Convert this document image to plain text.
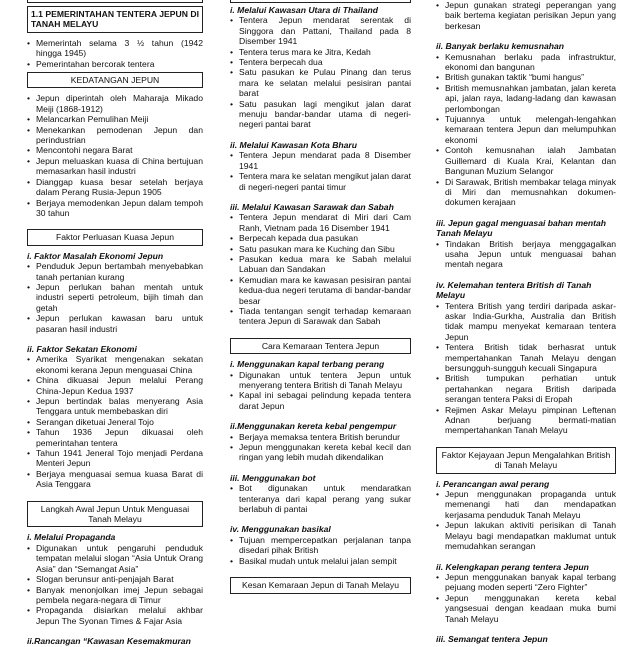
1.1 PEMERINTAHAN TENTERA JEPUN DI TANAH MELAYU
• Memerintah selama 3 ½ tahun (1942 hingga 1945)
• Pemerintahan bercorak tentera
KEDATANGAN JEPUN
• Jepun diperintah oleh Maharaja Mikado Meiji (1868-1912)
• Melancarkan Pemulihan Meiji
• Menekankan pemodenan Jepun dan perindustrian
• Mencontohi negara Barat
• Jepun meluaskan kuasa di China bertujuan memasarkan hasil industri
• Dianggap kuasa besar setelah berjaya dalam Perang Rusia-Jepun 1905
• Berjaya memodenkan Jepun dalam tempoh 30 tahun
Faktor Perluasan Kuasa Jepun
i. Faktor Masalah Ekonomi Jepun
• Penduduk Jepun bertambah menyebabkan tanah pertanian kurang
• Jepun perlukan bahan mentah untuk industri seperti petroleum, bijih timah dan getah
• Jepun perlukan kawasan baru untuk pasaran hasil industri
ii. Faktor Sekatan Ekonomi
• Amerika Syarikat mengenakan sekatan ekonomi kerana Jepun menguasai China
• China dikuasai Jepun melalui Perang China-Jepun Kedua 1937
• Jepun bertindak balas menyerang Asia Tenggara untuk membebaskan diri
• Serangan diketuai Jeneral Tojo
• Tahun 1936 Jepun dikuasai oleh pemerintahan tentera
• Tahun 1941 Jeneral Tojo menjadi Perdana Menteri Jepun
• Berjaya menguasai semua kuasa Barat di Asia Tenggara
Langkah Awal Jepun Untuk Menguasai Tanah Melayu
i. Melalui Propaganda
• Digunakan untuk pengaruhi penduduk tempatan melalui slogan “Asia Untuk Orang Asia” dan “Semangat Asia”
• Slogan berunsur anti-penjajah Barat
• Banyak menonjolkan imej Jepun sebagai pembela negara-negara di Timur
• Propaganda disiarkan melalui akhbar Jepun The Syonan Times & Fajar Asia
ii.Rancangan “Kawasan Kesemakmuran
i. Melalui Kawasan Utara di Thailand
• Tentera Jepun mendarat serentak di Singgora dan Pattani, Thailand pada 8 Disember 1941
• Tentera terus mara ke Jitra, Kedah
• Tentera berpecah dua
• Satu pasukan ke Pulau Pinang dan terus mara ke selatan melalui pesisiran pantai barat
• Satu pasukan lagi mengikut jalan darat menuju bandar-bandar utama di negeri-negeri pantai barat
ii. Melalui Kawasan Kota Bharu
• Tentera Jepun mendarat pada 8 Disember 1941
• Tentera mara ke selatan mengikut jalan darat di negeri-negeri pantai timur
iii. Melalui Kawasan Sarawak dan Sabah
• Tentera Jepun mendarat di Miri dari Cam Ranh, Vietnam pada 16 Disember 1941
• Berpecah kepada dua pasukan
• Satu pasukan mara ke Kuching dan Sibu
• Pasukan kedua mara ke Sabah melalui Labuan dan Sandakan
• Kemudian mara ke kawasan pesisiran pantai kedua-dua negeri terutama di bandar-bandar besar
• Tiada tentangan sengit terhadap kemaraan tentera Jepun di Sarawak dan Sabah
Cara Kemaraan Tentera Jepun
i. Menggunakan kapal terbang perang
• Digunakan untuk tentera Jepun untuk menyerang tentera British di Tanah Melayu
• Kapal ini sebagai pelindung kepada tentera darat Jepun
ii.Menggunakan kereta kebal pengempur
• Berjaya memaksa tentera British berundur
• Jepun menggunakan kereta kebal kecil dan ringan yang lebih mudah dikendalikan
iii. Menggunakan bot
• Bot digunakan untuk mendaratkan tenteranya dari kapal perang yang sukar berlabuh di pantai
iv. Menggunakan basikal
• Tujuan mempercepatkan perjalanan tanpa disedari pihak British
• Basikal mudah untuk melalui jalan sempit
Kesan Kemaraan Jepun di Tanah Melayu
• Jepun gunakan strategi peperangan yang baik bertema kegiatan perisikan Jepun yang berkesan
ii. Banyak berlaku kemusnahan
• Kemusnahan berlaku pada infrastruktur, ekonomi dan bangunan
• British gunakan taktik “bumi hangus”
• British memusnahkan jambatan, jalan kereta api, jalan raya, ladang-ladang dan kawasan perlombongan
• Tujuannya untuk melengah-lengahkan kemaraan tentera Jepun dan melumpuhkan ekonomi
• Contoh kemusnahan ialah Jambatan Guillemard di Kuala Krai, Kelantan dan Bangunan Muzium Selangor
• Di Sarawak, British membakar telaga minyak di Miri dan memusnahkan dokumen-dokumen kerajaan
iii. Jepun gagal menguasai bahan mentah Tanah Melayu
• Tindakan British berjaya menggagalkan usaha Jepun untuk menguasai bahan mentah negara
iv. Kelemahan tentera British di Tanah Melayu
• Tentera British yang terdiri daripada askar-askar India-Gurkha, Australia dan British tidak mampu menyekat kemaraan tentera Jepun
• Tentera British tidak berhasrat untuk mempertahankan Tanah Melayu dengan bersungguh-sungguh kecuali Singapura
• British tumpukan perhatian untuk pertahankan negara British daripada serangan tentera Paksi di Eropah
• Rejimen Askar Melayu pimpinan Leftenan Adnan berjuang bermati-matian mempertahankan Tanah Melayu
Faktor Kejayaan Jepun Mengalahkan British di Tanah Melayu
i. Perancangan awal perang
• Jepun menggunakan propaganda untuk memenangi hati dan mendapatkan kerjasama penduduk Tanah Melayu
• Jepun lakukan aktiviti perisikan di Tanah Melayu bagi mendapatkan maklumat untuk memudahkan serangan
ii. Kelengkapan perang tentera Jepun
• Jepun menggunakan banyak kapal terbang pejuang moden seperti “Zero Fighter”
• Jepun menggunakan kereta kebal yangsesuai dengan keadaan muka bumi Tanah Melayu
iii. Semangat tentera Jepun
